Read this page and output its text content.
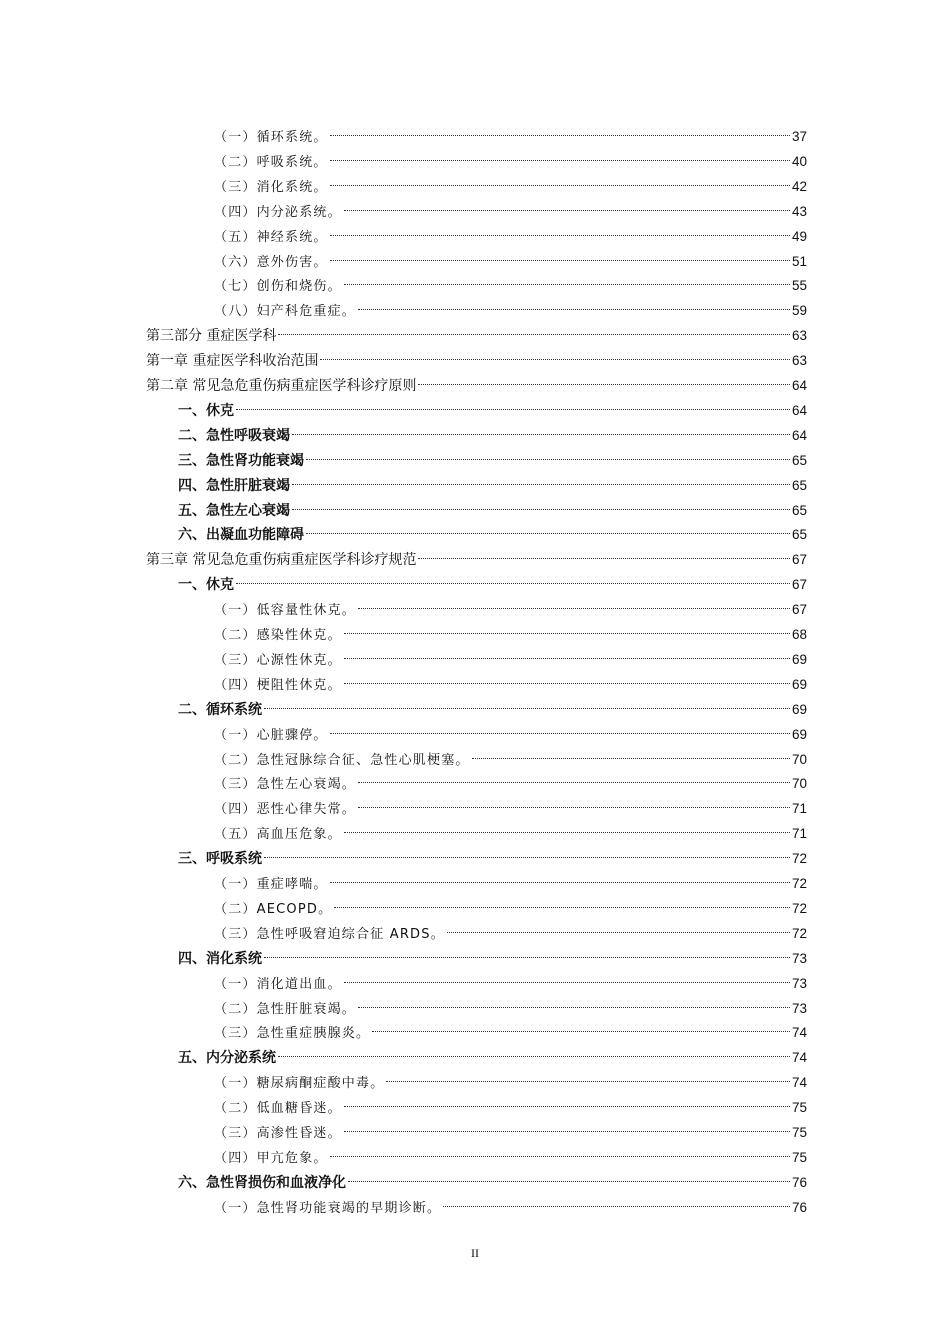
（一）循环系统。	37
（二）呼吸系统。	40
（三）消化系统。	42
（四）内分泌系统。	43
（五）神经系统。	49
（六）意外伤害。	51
（七）创伤和烧伤。	55
（八）妇产科危重症。	59
第三部分 重症医学科	63
第一章 重症医学科收治范围	63
第二章 常见急危重伤病重症医学科诊疗原则	64
一、休克	64
二、急性呼吸衰竭	64
三、急性肾功能衰竭	65
四、急性肝脏衰竭	65
五、急性左心衰竭	65
六、出凝血功能障碍	65
第三章 常见急危重伤病重症医学科诊疗规范	67
一、休克	67
（一）低容量性休克。	67
（二）感染性休克。	68
（三）心源性休克。	69
（四）梗阻性休克。	69
二、循环系统	69
（一）心脏骤停。	69
（二）急性冠脉综合征、急性心肌梗塞。	70
（三）急性左心衰竭。	70
（四）恶性心律失常。	71
（五）高血压危象。	71
三、呼吸系统	72
（一）重症哮喘。	72
（二）AECOPD。	72
（三）急性呼吸窘迫综合征 ARDS。	72
四、消化系统	73
（一）消化道出血。	73
（二）急性肝脏衰竭。	73
（三）急性重症胰腺炎。	74
五、内分泌系统	74
（一）糖尿病酮症酸中毒。	74
（二）低血糖昏迷。	75
（三）高渗性昏迷。	75
（四）甲亢危象。	75
六、急性肾损伤和血液净化	76
（一）急性肾功能衰竭的早期诊断。	76
II
